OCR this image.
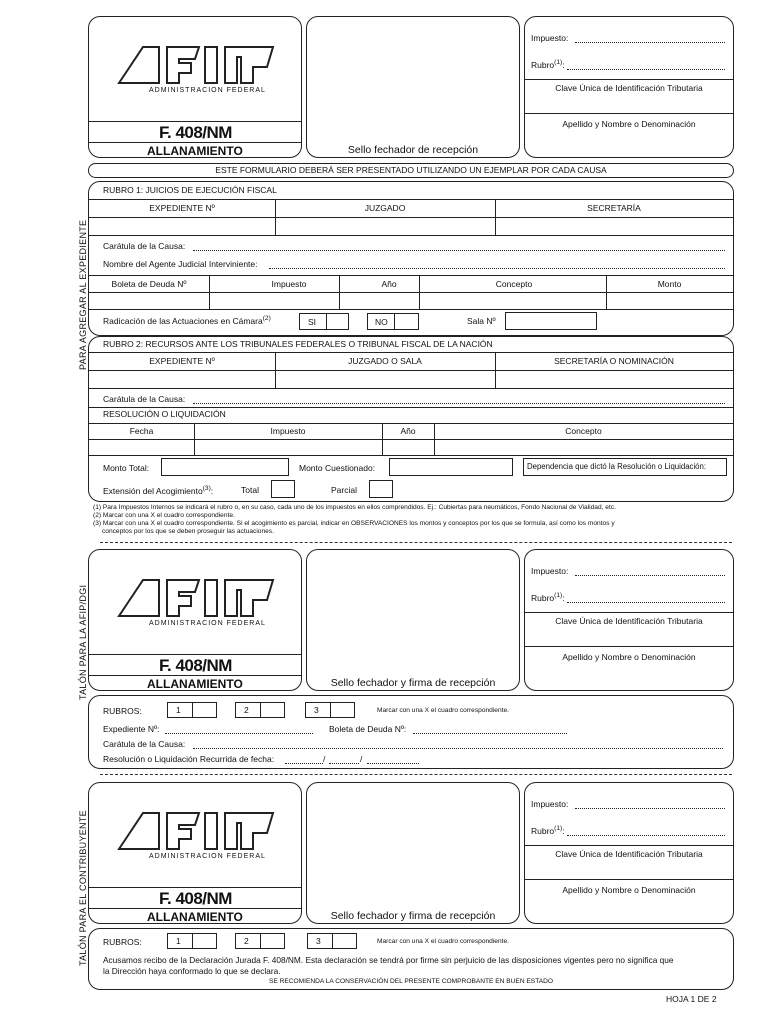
PARA AGREGAR AL EXPEDIENTE
TALÓN PARA LA AFIP/DGI
TALÓN PARA EL CONTRIBUYENTE
ADMINISTRACION FEDERAL
F. 408/NM
ALLANAMIENTO	Sello fechador de recepción
Impuesto:
Rubro$^{(1)}$:
Clave Única de Identificación Tributaria
Apellido y Nombre o Denominación
ESTE FORMULARIO DEBERÁ SER PRESENTADO UTILIZANDO UN EJEMPLAR POR CADA CAUSA
RUBRO 1: JUICIOS DE EJECUCIÓN FISCAL
EXPEDIENTE Nº	JUZGADO	SECRETARÍA
Carátula de la Causa:
Nombre del Agente Judicial Interviniente:
Boleta de Deuda Nº	Impuesto	Año	Concepto	Monto
Radicación de las Actuaciones en Cámara$^{(2)}$	SI	NO	Sala Nº
RUBRO 2: RECURSOS ANTE LOS TRIBUNALES FEDERALES O TRIBUNAL FISCAL DE LA NACIÓN
EXPEDIENTE Nº	JUZGADO O SALA	SECRETARÍA O NOMINACIÓN
Carátula de la Causa:
RESOLUCIÓN O LIQUIDACIÓN
Fecha	Impuesto	Año	Concepto
Monto Total:	Monto Cuestionado:	Dependencia que dictó la Resolución o Liquidación:
Extensión del Acogimiento$^{(3)}$:	Total	Parcial
(1) Para Impuestos Internos se indicará el rubro o, en su caso, cada uno de los impuestos en ellos comprendidos. Ej.: Cubiertas para neumáticos, Fondo Nacional de Vialidad, etc.
(2) Marcar con una X el cuadro correspondiente.
(3) Marcar con una X el cuadro correspondiente. Si el acogimiento es parcial, indicar en OBSERVACIONES los montos y conceptos por los que se formula, así como los montos y
conceptos por los que se deben proseguir las actuaciones.
ADMINISTRACION FEDERAL
F. 408/NM
ALLANAMIENTO	Sello fechador y firma de recepción
Impuesto:
Rubro$^{(1)}$:
Clave Única de Identificación Tributaria
Apellido y Nombre o Denominación
RUBROS:	1	2	3	Marcar con una X el cuadro correspondiente.
Expediente Nº:	Boleta de Deuda Nº:
Carátula de la Causa:
Resolución o Liquidación Recurrida de fecha:	/	/
ADMINISTRACION FEDERAL
F. 408/NM
ALLANAMIENTO	Sello fechador y firma de recepción
Impuesto:
Rubro$^{(1)}$:
Clave Única de Identificación Tributaria
Apellido y Nombre o Denominación
RUBROS:	1	2	3	Marcar con una X el cuadro correspondiente.
Acusamos recibo de la Declaración Jurada F. 408/NM. Esta declaración se tendrá por firme sin perjuicio de las disposiciones vigentes pero no significa que
la Dirección haya conformado lo que se declara.
SE RECOMIENDA LA CONSERVACIÓN DEL PRESENTE COMPROBANTE EN BUEN ESTADO
HOJA 1 DE 2
